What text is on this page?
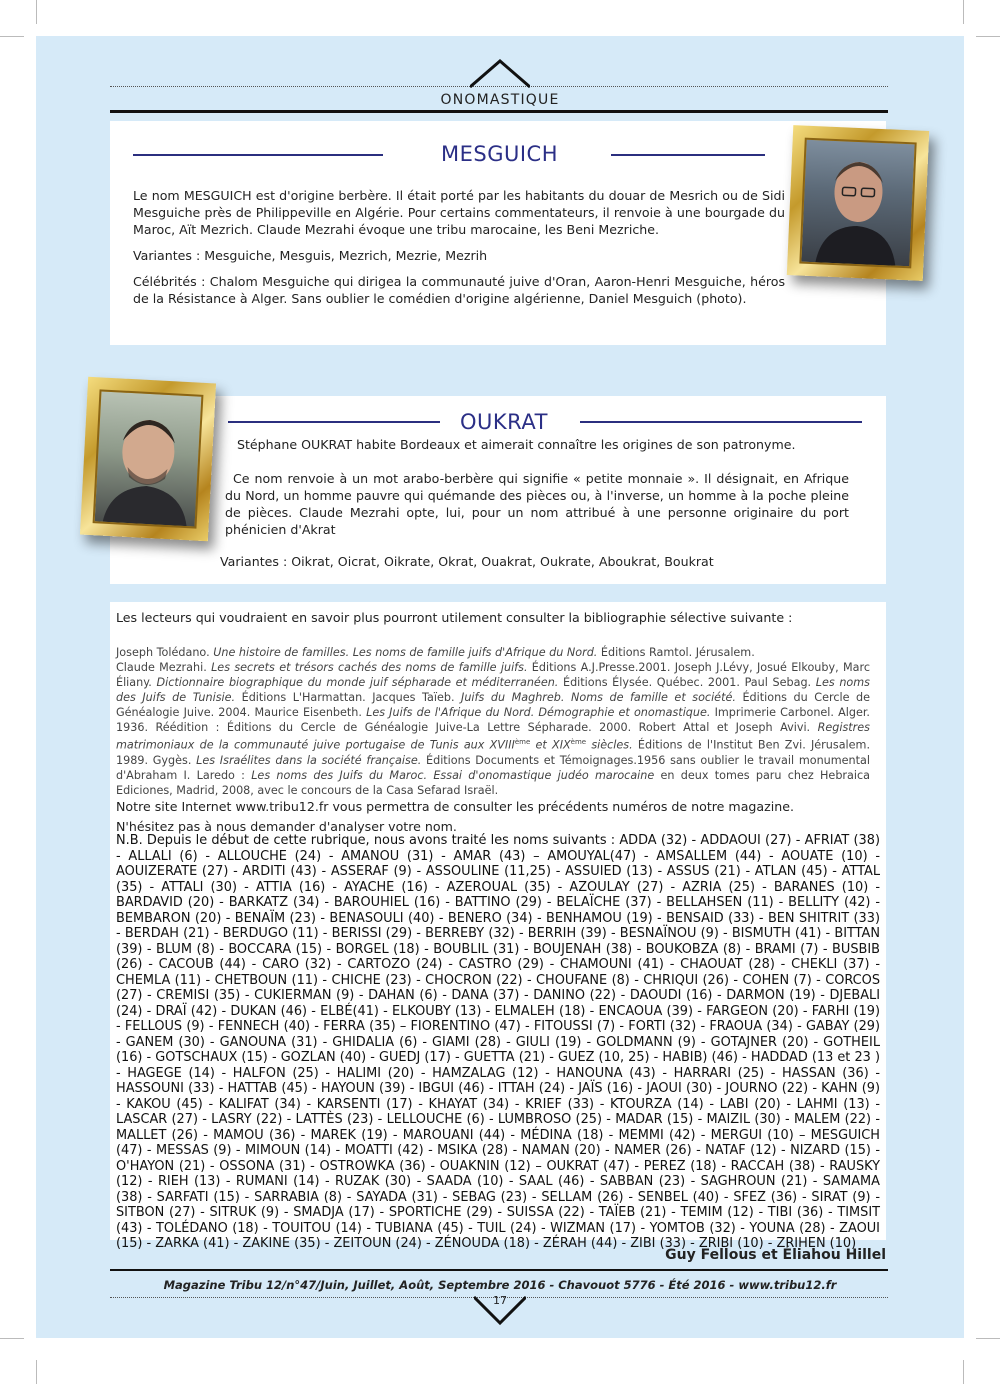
ONOMASTIQUE
MESGUICH
Le nom MESGUICH est d'origine berbère. Il était porté par les habitants du douar de Mesrich ou de Sidi Mesguiche près de Philippeville en Algérie. Pour certains commentateurs, il renvoie à une bourgade du Maroc, Aït Mezrich. Claude Mezrahi évoque une tribu marocaine, les Beni Mezriche.
Variantes : Mesguiche, Mesguis, Mezrich, Mezrie, Mezrih
Célébrités : Chalom Mesguiche qui dirigea la communauté juive d'Oran, Aaron-Henri Mesguiche, héros de la Résistance à Alger. Sans oublier le comédien d'origine algérienne, Daniel Mesguich (photo).
OUKRAT
Stéphane OUKRAT habite Bordeaux et aimerait connaître les origines de son patronyme.
Ce nom renvoie à un mot arabo-berbère qui signifie « petite monnaie ». Il désignait, en Afrique du Nord, un homme pauvre qui quémande des pièces ou, à l'inverse, un homme à la poche pleine de pièces. Claude Mezrahi opte, lui, pour un nom attribué à une personne originaire du port phénicien d'Akrat
Variantes : Oikrat, Oicrat, Oikrate, Okrat, Ouakrat, Oukrate, Aboukrat, Boukrat
Les lecteurs qui voudraient en savoir plus pourront utilement consulter la bibliographie sélective suivante :
Joseph Tolédano. Une histoire de familles. Les noms de famille juifs d'Afrique du Nord. Éditions Ramtol. Jérusalem.
Claude Mezrahi. Les secrets et trésors cachés des noms de famille juifs. Éditions A.J.Presse.2001. Joseph J.Lévy, Josué Elkouby, Marc Éliany. Dictionnaire biographique du monde juif sépharade et méditerranéen. Éditions Élysée. Québec. 2001. Paul Sebag. Les noms des Juifs de Tunisie. Éditions L'Harmattan. Jacques Taïeb. Juifs du Maghreb. Noms de famille et société. Éditions du Cercle de Généalogie Juive. 2004. Maurice Eisenbeth. Les Juifs de l'Afrique du Nord. Démographie et onomastique. Imprimerie Carbonel. Alger. 1936. Réédition : Éditions du Cercle de Généalogie Juive-La Lettre Sépharade. 2000. Robert Attal et Joseph Avivi. Registres matrimoniaux de la communauté juive portugaise de Tunis aux XVIIIème et XIXème siècles. Éditions de l'Institut Ben Zvi. Jérusalem. 1989. Gygès. Les Israélites dans la société française. Éditions Documents et Témoignages.1956 sans oublier le travail monumental d'Abraham I. Laredo : Les noms des Juifs du Maroc. Essai d'onomastique judéo marocaine en deux tomes paru chez Hebraica Ediciones, Madrid, 2008, avec le concours de la Casa Sefarad Israël.
Notre site Internet www.tribu12.fr vous permettra de consulter les précédents numéros de notre magazine.
N'hésitez pas à nous demander d'analyser votre nom.
N.B. Depuis le début de cette rubrique, nous avons traité les noms suivants : ADDA (32) - ADDAOUI (27) - AFRIAT (38) - ALLALI (6) - ALLOUCHE (24) - AMANOU (31) - AMAR (43) – AMOUYAL(47) - AMSALLEM (44) - AOUATE (10) - AOUIZERATE (27) - ARDITI (43) - ASSERAF (9) - ASSOULINE (11,25) - ASSUIED (13) - ASSUS (21) - ATLAN (45) - ATTAL (35) - ATTALI (30) - ATTIA (16) - AYACHE (16) - AZEROUAL (35) - AZOULAY (27) - AZRIA (25) - BARANES (10) - BARDAVID (20) - BARKATZ (34) - BAROUHIEL (16) - BATTINO (29) - BELAÏCHE (37) - BELLAHSEN (11) - BELLITY (42) - BEMBARON (20) - BENAÏM (23) - BENASOULI (40) - BENERO (34) - BENHAMOU (19) - BENSAID (33) - BEN SHITRIT (33) - BERDAH (21) - BERDUGO (11) - BERISSI (29) - BERREBY (32) - BERRIH (39) - BESNAÏNOU (9) - BISMUTH (41) - BITTAN (39) - BLUM (8) - BOCCARA (15) - BORGEL (18) - BOUBLIL (31) - BOUJENAH (38) - BOUKOBZA (8) - BRAMI (7) - BUSBIB (26) - CACOUB (44) - CARO (32) - CARTOZO (24) - CASTRO (29) - CHAMOUNI (41) - CHAOUAT (28) - CHEKLI (37) - CHEMLA (11) - CHETBOUN (11) - CHICHE (23) - CHOCRON (22) - CHOUFANE (8) - CHRIQUI (26) - COHEN (7) - CORCOS (27) - CREMISI (35) - CUKIERMAN (9) - DAHAN (6) - DANA (37) - DANINO (22) - DAOUDI (16) - DARMON (19) - DJEBALI (24) - DRAÏ (42) - DUKAN (46) - ELBÉ(41) - ELKOUBY (13) - ELMALEH (18) - ENCAOUA (39) - FARGEON (20) - FARHI (19) - FELLOUS (9) - FENNECH (40) - FERRA (35) – FIORENTINO (47) - FITOUSSI (7) - FORTI (32) - FRAOUA (34) - GABAY (29) - GANEM (30) - GANOUNA (31) - GHIDALIA (6) - GIAMI (28) - GIULI (19) - GOLDMANN (9) - GOTAJNER (20) - GOTHEIL (16) - GOTSCHAUX (15) - GOZLAN (40) - GUEDJ (17) - GUETTA (21) - GUEZ (10, 25) - HABIB) (46) - HADDAD (13 et 23 ) - HAGEGE (14) - HALFON (25) - HALIMI (20) - HAMZALAG (12) - HANOUNA (43) - HARRARI (25) - HASSAN (36) - HASSOUNI (33) - HATTAB (45) - HAYOUN (39) - IBGUI (46) - ITTAH (24) - JAÏS (16) - JAOUI (30) - JOURNO (22) - KAHN (9) - KAKOU (45) - KALIFAT (34) - KARSENTI (17) - KHAYAT (34) - KRIEF (33) - KTOURZA (14) - LABI (20) - LAHMI (13) - LASCAR (27) - LASRY (22) - LATTÈS (23) - LELLOUCHE (6) - LUMBROSO (25) - MADAR (15) - MAIZIL (30) - MALEM (22) - MALLET (26) - MAMOU (36) - MAREK (19) - MAROUANI (44) - MÉDINA (18) - MEMMI (42) - MERGUI (10) – MESGUICH (47) - MESSAS (9) - MIMOUN (14) - MOATTI (42) - MSIKA (28) - NAMAN (20) - NAMER (26) - NATAF (12) - NIZARD (15) - O'HAYON (21) - OSSONA (31) - OSTROWKA (36) - OUAKNIN (12) – OUKRAT (47) - PEREZ (18) - RACCAH (38) - RAUSKY (12) - RIEH (13) - RUMANI (14) - RUZAK (30) - SAADA (10) - SAAL (46) - SABBAN (23) - SAGHROUN (21) - SAMAMA (38) - SARFATI (15) - SARRABIA (8) - SAYADA (31) - SEBAG (23) - SELLAM (26) - SENBEL (40) - SFEZ (36) - SIRAT (9) - SITBON (27) - SITRUK (9) - SMADJA (17) - SPORTICHE (29) - SUISSA (22) - TAÏEB (21) - TEMIM (12) - TIBI (36) - TIMSIT (43) - TOLÉDANO (18) - TOUITOU (14) - TUBIANA (45) - TUIL (24) - WIZMAN (17) - YOMTOB (32) - YOUNA (28) - ZAOUI (15) - ZARKA (41) - ZAKINE (35) - ZEITOUN (24) - ZÉNOUDA (18) - ZÉRAH (44) - ZIBI (33) - ZRIBI (10) - ZRIHEN (10)
Guy Fellous et Éliahou Hillel
Magazine Tribu 12/n°47/Juin, Juillet, Août, Septembre 2016 - Chavouot 5776 - Été 2016 - www.tribu12.fr
17
